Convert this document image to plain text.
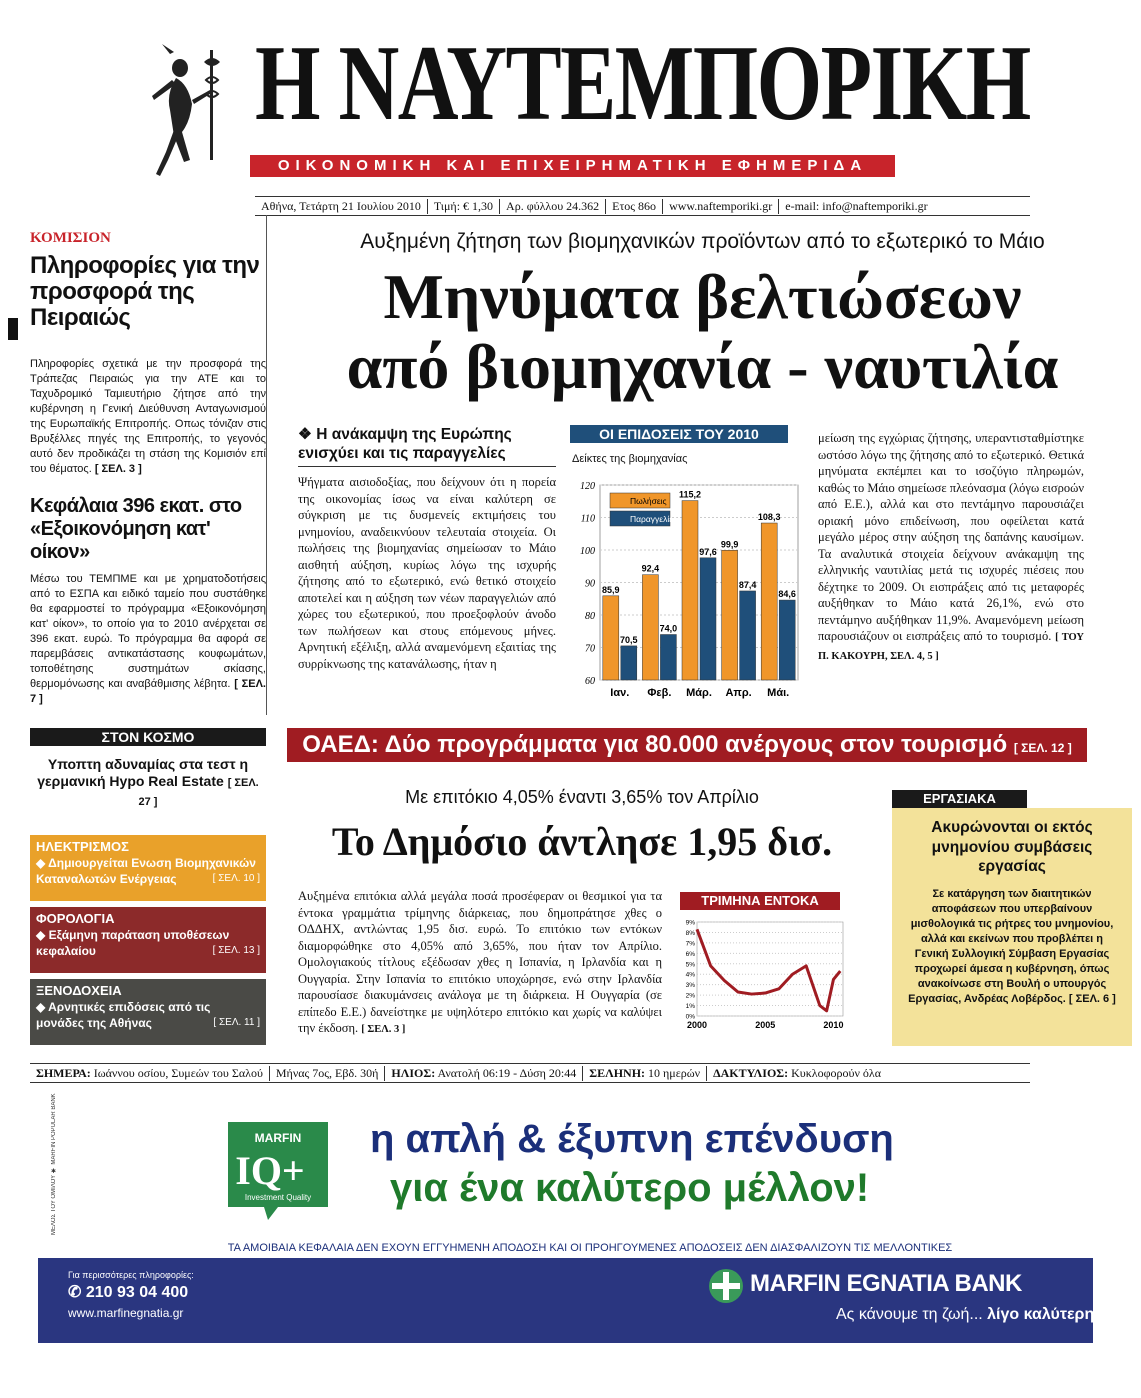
Η ΝΑΥΤΕΜΠΟΡΙΚΗ
ΟΙΚΟΝΟΜΙΚΗ ΚΑΙ ΕΠΙΧΕΙΡΗΜΑΤΙΚΗ ΕΦΗΜΕΡΙΔΑ
Αθήνα, Τετάρτη 21 Ιουλίου 2010	Τιμή: € 1,30	Αρ. φύλλου 24.362	Ετος 86ο	www.naftemporiki.gr	e-mail: info@naftemporiki.gr
ΚΟΜΙΣΙΟΝ
Πληροφορίες για την προσφορά της Πειραιώς
Πληροφορίες σχετικά με την προσφορά της Τράπεζας Πειραιώς για την ΑΤΕ και το Ταχυδρομικό Ταμιευτήριο ζήτησε από την κυβέρνηση η Γενική Διεύθυνση Ανταγωνισμού της Ευρωπαϊκής Επιτροπής. Οπως τόνιζαν στις Βρυξέλλες πηγές της Επιτροπής, το γεγονός αυτό δεν προδικάζει τη στάση της Κομισιόν επί του θέματος. [ ΣΕΛ. 3 ]
Κεφάλαια 396 εκατ. στο «Εξοικονόμηση κατ' οίκον»
Μέσω του ΤΕΜΠΜΕ και με χρηματοδοτήσεις από το ΕΣΠΑ και ειδικό ταμείο που συστάθηκε θα εφαρμοστεί το πρόγραμμα «Εξοικονόμηση κατ' οίκον», το οποίο για το 2010 ανέρχεται σε 396 εκατ. ευρώ. Το πρόγραμμα θα αφορά σε παρεμβάσεις αντικατάστασης κουφωμάτων, τοποθέτησης συστημάτων σκίασης, θερμομόνωσης και αναβάθμισης λέβητα. [ ΣΕΛ. 7 ]
ΣΤΟΝ ΚΟΣΜΟ
Υποπτη αδυναμίας στα τεστ η γερμανική Hypo Real Estate [ ΣΕΛ. 27 ]
ΗΛΕΚΤΡΙΣΜΟΣ
◆ Δημιουργείται Ενωση Βιομηχανικών Καταναλωτών Ενέργειας	[ ΣΕΛ. 10 ]
ΦΟΡΟΛΟΓΙΑ
◆ Εξάμηνη παράταση υποθέσεων κεφαλαίου	[ ΣΕΛ. 13 ]
ΞΕΝΟΔΟΧΕΙΑ
◆ Αρνητικές επιδόσεις από τις μονάδες της Αθήνας	[ ΣΕΛ. 11 ]
Αυξημένη ζήτηση των βιομηχανικών προϊόντων από το εξωτερικό το Μάιο
Μηνύματα βελτιώσεων
από βιομηχανία - ναυτιλία
❖ Η ανάκαμψη της Ευρώπης ενισχύει και τις παραγγελίες
Ψήγματα αισιοδοξίας, που δείχνουν ότι η πορεία της οικονομίας ίσως να είναι καλύτερη σε σύγκριση με τις δυσμενείς εκτιμήσεις του μνημονίου, αναδεικνύουν τελευταία στοιχεία. Οι πωλήσεις της βιομηχανίας σημείωσαν το Μάιο αισθητή αύξηση, κυρίως λόγω της ισχυρής ζήτησης από το εξωτερικό, ενώ θετικό στοιχείο αποτελεί και η αύξηση των νέων παραγγελιών από χώρες του εξωτερικού, που προεξοφλούν άνοδο των πωλήσεων και στους επόμενους μήνες. Αρνητική εξέλιξη, αλλά αναμενόμενη εξαιτίας της συρρίκνωσης της κατανάλωσης, ήταν η
ΟΙ ΕΠΙΔΟΣΕΙΣ ΤΟΥ 2010
Δείκτες της βιομηχανίας
120
110
100
90
80
70
60
85,9
70,5
Ιαν.
92,4
74,0
Φεβ.
115,2
97,6
Μάρ.
99,9
87,4
Απρ.
108,3
84,6
Μάι.
Πωλήσεις
Παραγγελίες
μείωση της εγχώριας ζήτησης, υπεραντισταθμίστηκε ωστόσο λόγω της ζήτησης από το εξωτερικό. Θετικά μηνύματα εκπέμπει και το ισοζύγιο πληρωμών, καθώς το Μάιο σημείωσε πλεόνασμα (λόγω εισροών από Ε.Ε.), αλλά και στο πεντάμηνο παρουσιάζει οριακή μόνο επιδείνωση, που οφείλεται κατά μεγάλο μέρος στην αύξηση της δαπάνης καυσίμων. Τα αναλυτικά στοιχεία δείχνουν ανάκαμψη της ελληνικής ναυτιλίας μετά τις ισχυρές πιέσεις που δέχτηκε το 2009. Οι εισπράξεις από τις μεταφορές αυξήθηκαν το Μάιο κατά 26,1%, ενώ στο πεντάμηνο αυξήθηκαν 11,9%. Αναμενόμενη μείωση παρουσιάζουν οι εισπράξεις από το τουρισμό. [ ΤΟΥ Π. ΚΑΚΟΥΡΗ, ΣΕΛ. 4, 5 ]
ΟΑΕΔ: Δύο προγράμματα για 80.000 ανέργους στον τουρισμό [ ΣΕΛ. 12 ]
Με επιτόκιο 4,05% έναντι 3,65% τον Απρίλιο
Το Δημόσιο άντλησε 1,95 δισ.
Αυξημένα επιτόκια αλλά μεγάλα ποσά προσέφεραν οι θεσμικοί για τα έντοκα γραμμάτια τρίμηνης διάρκειας, που δημοπράτησε χθες ο ΟΔΔΗΧ, αντλώντας 1,95 δισ. ευρώ. Το επιτόκιο των εντόκων διαμορφώθηκε στο 4,05% από 3,65%, που ήταν τον Απρίλιο. Ομολογιακούς τίτλους εξέδωσαν χθες η Ισπανία, η Ιρλανδία και η Ουγγαρία. Στην Ισπανία το επιτόκιο υποχώρησε, ενώ στην Ιρλανδία παρουσίασε διακυμάνσεις ανάλογα με τη διάρκεια. Η Ουγγαρία (σε επίπεδο Ε.Ε.) δανείστηκε με υψηλότερο επιτόκιο και χωρίς να καλύψει την έκδοση. [ ΣΕΛ. 3 ]
ΤΡΙΜΗΝΑ ΕΝΤΟΚΑ
9%
8%
7%
6%
5%
4%
3%
2%
1%
0%
2000	2005	2010
ΕΡΓΑΣΙΑΚΑ
Ακυρώνονται οι εκτός μνημονίου συμβάσεις εργασίας
Σε κατάργηση των διαιτητικών αποφάσεων που υπερβαίνουν μισθολογικά τις ρήτρες του μνημονίου, αλλά και εκείνων που προβλέπει η Γενική Συλλογική Σύμβαση Εργασίας προχωρεί άμεσα η κυβέρνηση, όπως ανακοίνωσε στη Βουλή ο υπουργός Εργασίας, Ανδρέας Λοβέρδος. [ ΣΕΛ. 6 ]
ΣΗΜΕΡΑ: Ιωάννου οσίου, Συμεών του Σαλού	Μήνας 7ος, Εβδ. 30ή	ΗΛΙΟΣ: Ανατολή 06:19 - Δύση 20:44	ΣΕΛΗΝΗ: 10 ημερών	ΔΑΚΤΥΛΙΟΣ: Κυκλοφορούν όλα
ΜΕΛΟΣ ΤΟΥ ΟΜΙΛΟΥ ✱ MARFIN POPULAR BANK	MARFIN
IQ+
Investment Quality
η απλή & έξυπνη επένδυση
για ένα καλύτερο μέλλον!
ΤΑ ΑΜΟΙΒΑΙΑ ΚΕΦΑΛΑΙΑ ΔΕΝ ΕΧΟΥΝ ΕΓΓΥΗΜΕΝΗ ΑΠΟΔΟΣΗ ΚΑΙ ΟΙ ΠΡΟΗΓΟΥΜΕΝΕΣ ΑΠΟΔΟΣΕΙΣ ΔΕΝ ΔΙΑΣΦΑΛΙΖΟΥΝ ΤΙΣ ΜΕΛΛΟΝΤΙΚΕΣ
Για περισσότερες πληροφορίες:
✆ 210 93 04 400
www.marfinegnatia.gr
MARFIN EGNATIA BANK
Ας κάνουμε τη ζωή... λίγο καλύτερη
